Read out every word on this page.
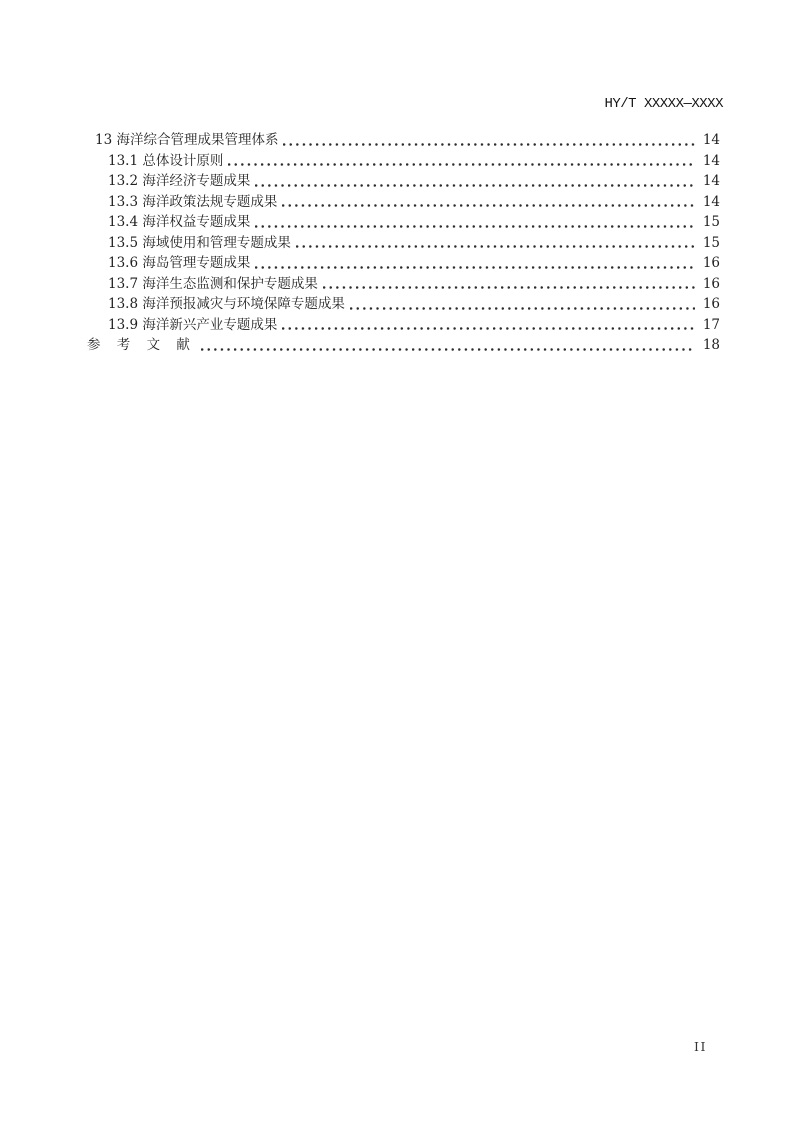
HY/T XXXXX—XXXX
13 海洋综合管理成果管理体系	14
13.1 总体设计原则	14
13.2 海洋经济专题成果	14
13.3 海洋政策法规专题成果	14
13.4 海洋权益专题成果	15
13.5 海域使用和管理专题成果	15
13.6 海岛管理专题成果	16
13.7 海洋生态监测和保护专题成果	16
13.8 海洋预报减灾与环境保障专题成果	16
13.9 海洋新兴产业专题成果	17
参 考 文 献	18
II
